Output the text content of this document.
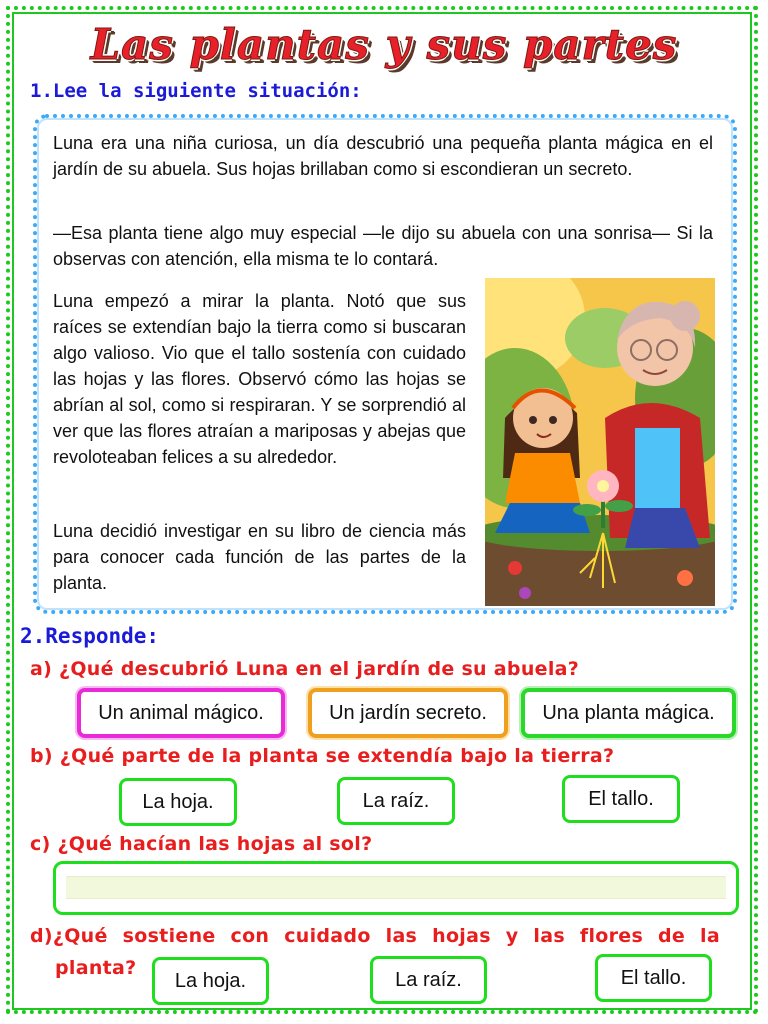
Las plantas y sus partes
1.Lee la siguiente situación:
Luna era una niña curiosa, un día descubrió una pequeña planta mágica en el jardín de su abuela. Sus hojas brillaban como si escondieran un secreto.
—Esa planta tiene algo muy especial —le dijo su abuela con una sonrisa— Si la observas con atención, ella misma te lo contará.
Luna empezó a mirar la planta. Notó que sus raíces se extendían bajo la tierra como si buscaran algo valioso. Vio que el tallo sostenía con cuidado las hojas y las flores. Observó cómo las hojas se abrían al sol, como si respiraran. Y se sorprendió al ver que las flores atraían a mariposas y abejas que revoloteaban felices a su alrededor.
Luna decidió investigar en su libro de ciencia más para conocer cada función de las partes de la planta.
2.Responde:
a) ¿Qué descubrió Luna en el jardín de su abuela?
Un animal mágico.	Un jardín secreto.	Una planta mágica.
b) ¿Qué parte de la planta se extendía bajo la tierra?
La hoja.	La raíz.	El tallo.
c) ¿Qué hacían las hojas al sol?
d)¿Qué sostiene con cuidado las hojas y las flores de la
planta?
La hoja.	La raíz.	El tallo.
